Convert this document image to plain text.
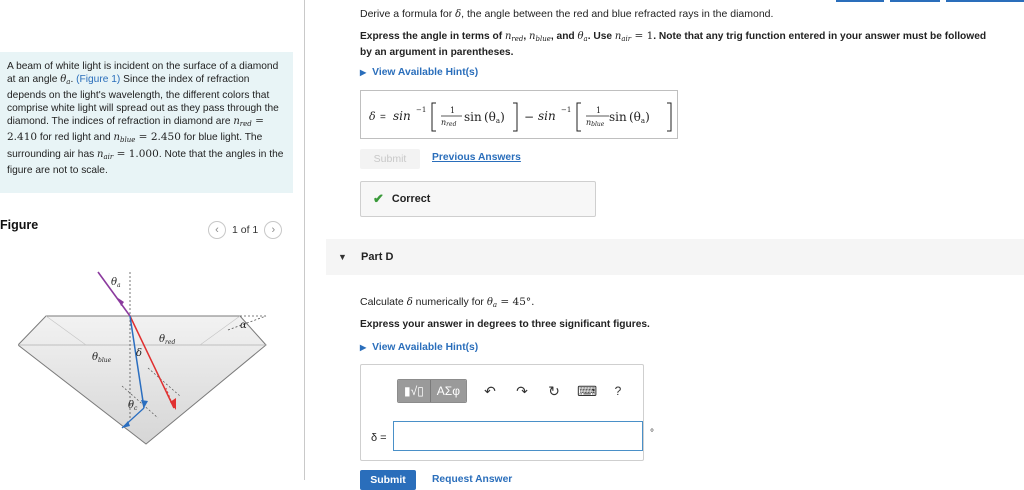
A beam of white light is incident on the surface of a diamond at an angle $\theta_a$. (Figure 1) Since the index of refraction depends on the light's wavelength, the different colors that comprise white light will spread out as they pass through the diamond. The indices of refraction in diamond are $n_{red} = 2.410$ for red light and $n_{blue} = 2.450$ for blue light. The surrounding air has $n_{air} = 1.000$. Note that the angles in the figure are not to scale.
Figure	‹ 1 of 1 ›
$\theta_a$
$\theta_{red}$
$\theta_{blue}$
δ
$\theta_c$
α
Derive a formula for δ, the angle between the red and blue refracted rays in the diamond.
Express the angle in terms of $n_{red}$, $n_{blue}$, and $\theta_a$. Use $n_{air} = 1$. Note that any trig function entered in your answer must be followed
by an argument in parentheses.
▶ View Available Hint(s)
δ = sin −1	1
nred
sin (θa) − sin −1	1
nblue
sin (θa)
Submit	Previous Answers
✔ Correct
▼ Part D
Calculate δ numerically for $\theta_a = 45^\circ$.
Express your answer in degrees to three significant figures.
▶ View Available Hint(s)
▮√▯	ΑΣφ	↶ ↷ ↻ ⌨	?
δ =	°
Submit	Request Answer
